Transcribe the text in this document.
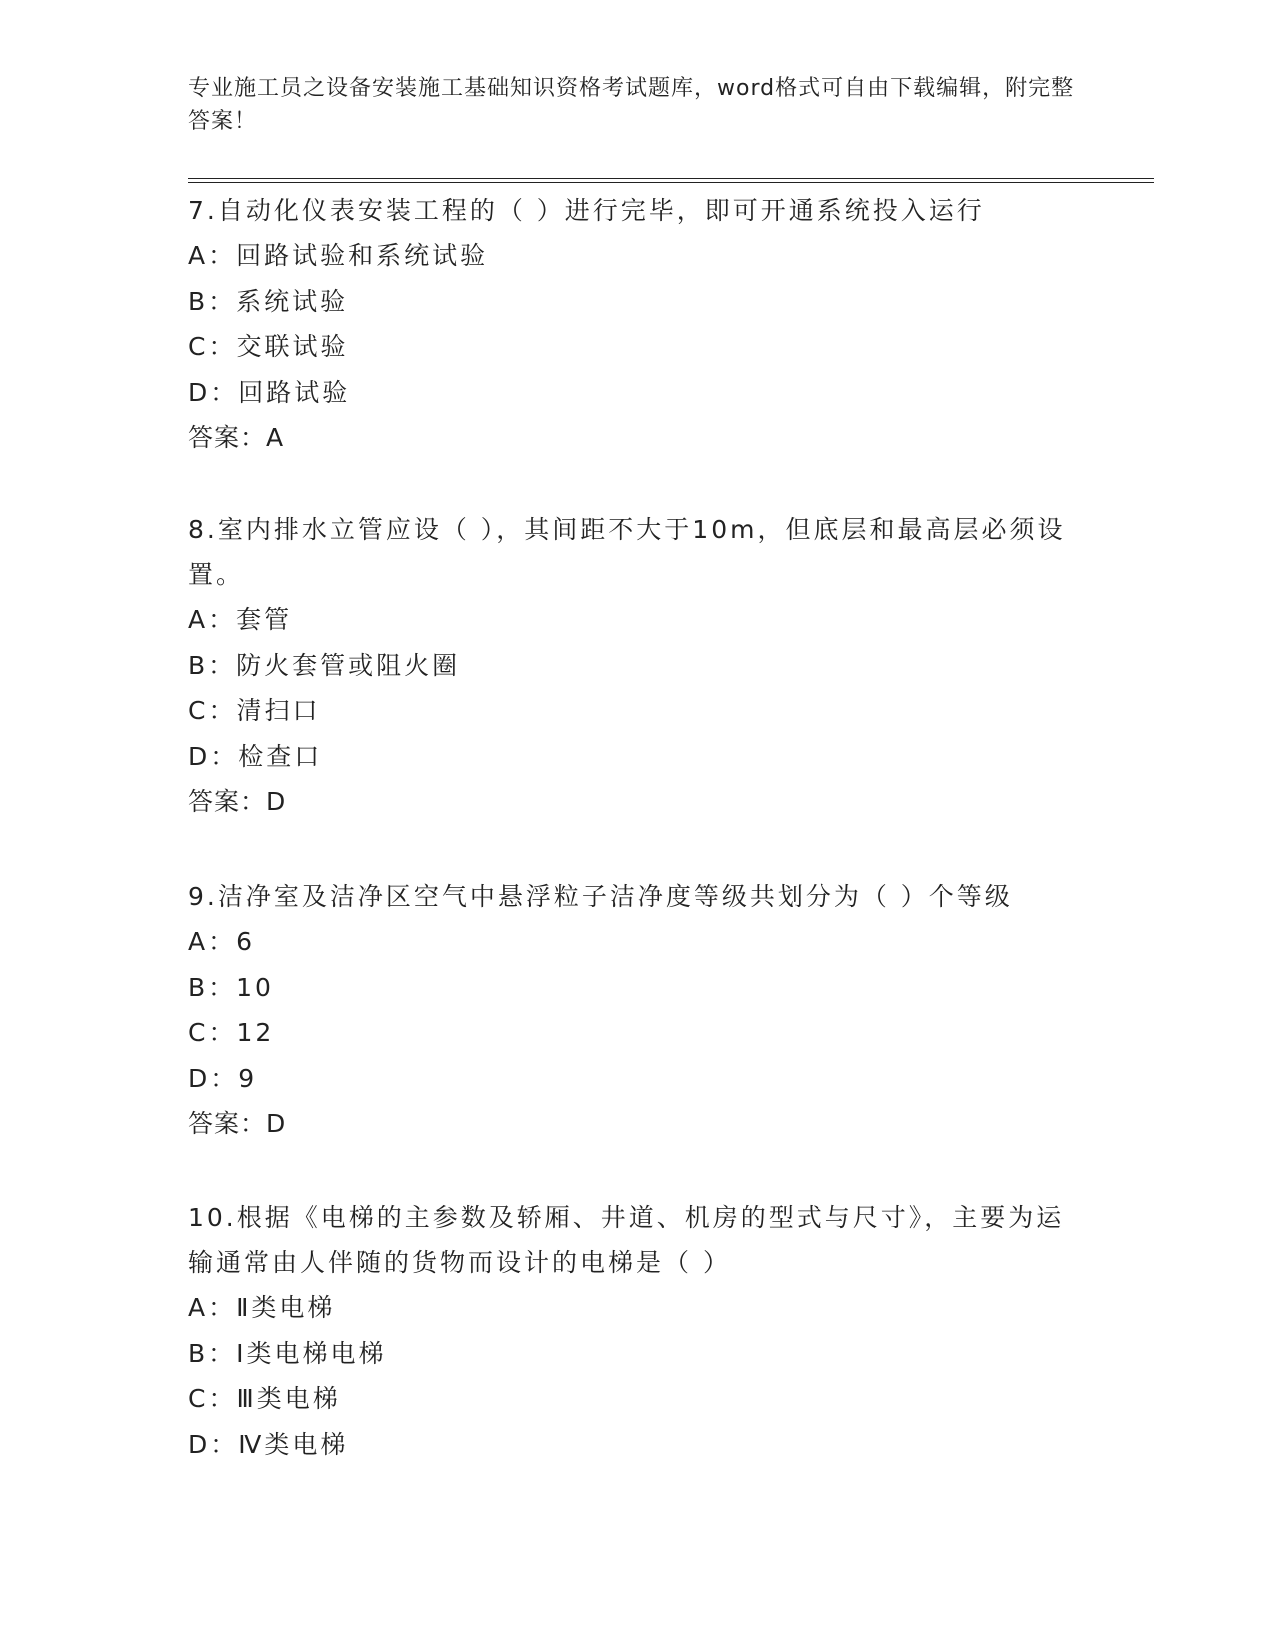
专业施工员之设备安装施工基础知识资格考试题库，word格式可自由下载编辑，附完整答案！

7.自动化仪表安装工程的（ ）进行完毕，即可开通系统投入运行

A：回路试验和系统试验

B：系统试验

C：交联试验

D：回路试验

答案：A

8.室内排水立管应设（ ），其间距不大于10m，但底层和最高层必须设置。

A：套管

B：防火套管或阻火圈

C：清扫口

D：检查口

答案：D

9.洁净室及洁净区空气中悬浮粒子洁净度等级共划分为（ ）个等级

A：6

B：10

C：12

D：9

答案：D

10.根据《电梯的主参数及轿厢、井道、机房的型式与尺寸》，主要为运输通常由人伴随的货物而设计的电梯是（ ）

A：Ⅱ类电梯

B：Ⅰ类电梯电梯

C：Ⅲ类电梯

D：Ⅳ类电梯
